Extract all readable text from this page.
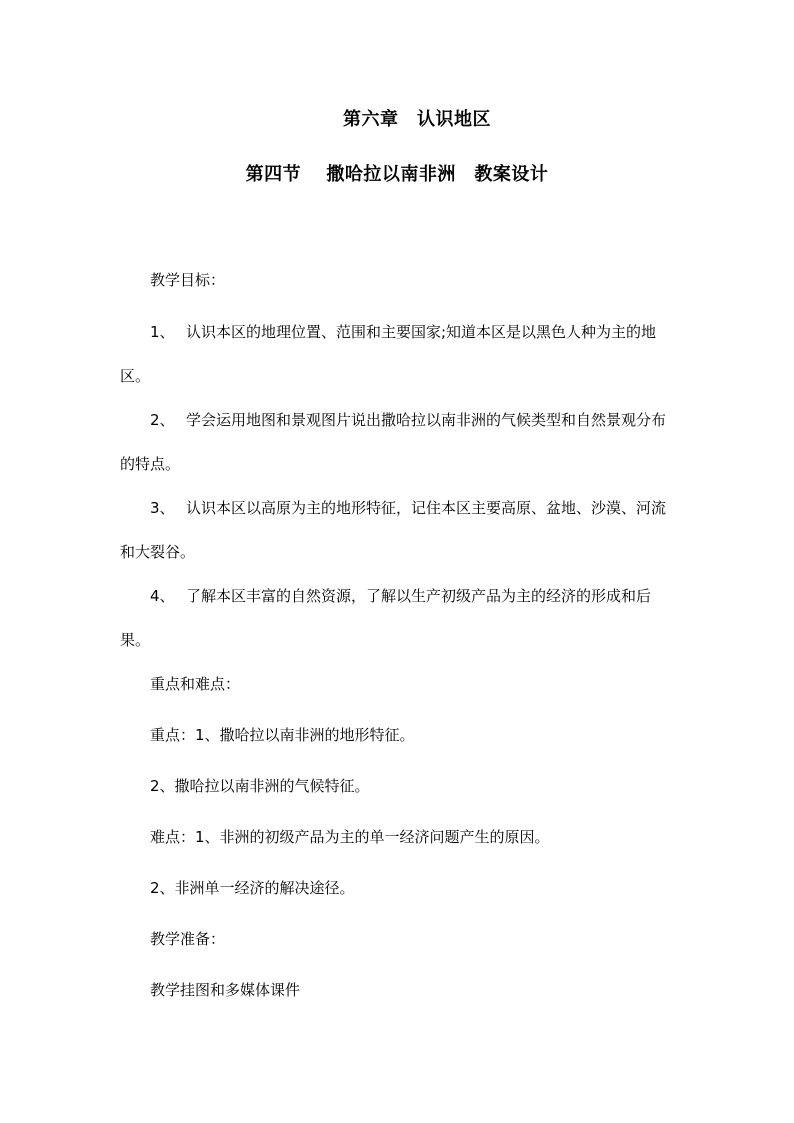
第六章　认识地区
第四节　 撒哈拉以南非洲　教案设计

教学目标：

1、 认识本区的地理位置、范围和主要国家;知道本区是以黑色人种为主的地区。

2、 学会运用地图和景观图片说出撒哈拉以南非洲的气候类型和自然景观分布的特点。

3、 认识本区以高原为主的地形特征，记住本区主要高原、盆地、沙漠、河流和大裂谷。

4、 了解本区丰富的自然资源，了解以生产初级产品为主的经济的形成和后果。

重点和难点：

重点：1、撒哈拉以南非洲的地形特征。

2、撒哈拉以南非洲的气候特征。

难点：1、非洲的初级产品为主的单一经济问题产生的原因。

2、非洲单一经济的解决途径。

教学准备：

教学挂图和多媒体课件
